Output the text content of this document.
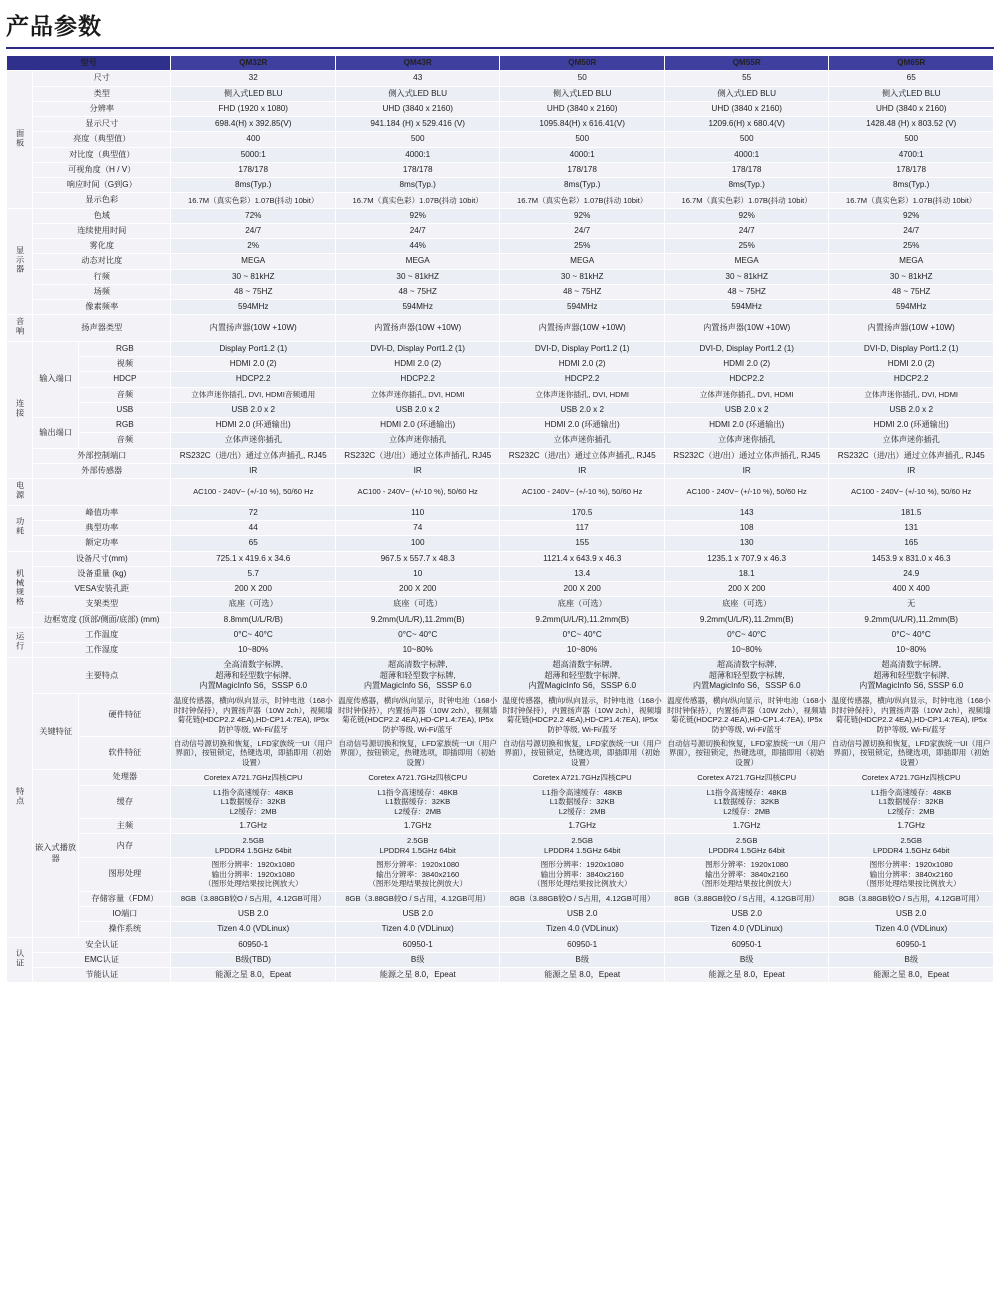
产品参数
型号			QM32R	QM43R	QM50R	QM55R	QM65R
面板	尺寸		32	43	50	55	65
	类型		侧入式LED BLU	侧入式LED BLU	侧入式LED BLU	侧入式LED BLU	侧入式LED BLU
	分辨率		FHD (1920 x 1080)	UHD (3840 x 2160)	UHD (3840 x 2160)	UHD (3840 x 2160)	UHD (3840 x 2160)
	显示尺寸		698.4(H) x 392.85(V)	941.184 (H) x 529.416 (V)	1095.84(H) x 616.41(V)	1209.6(H) x 680.4(V)	1428.48 (H) x 803.52 (V)
	亮度（典型值）		400	500	500	500	500
	对比度（典型值）		5000:1	4000:1	4000:1	4000:1	4700:1
	可视角度（H / V）		178/178	178/178	178/178	178/178	178/178
	响应时间（G到G）		8ms(Typ.)	8ms(Typ.)	8ms(Typ.)	8ms(Typ.)	8ms(Typ.)
	显示色彩		16.7M（真实色彩）1.07B(抖动 10bit）	16.7M（真实色彩）1.07B(抖动 10bit）	16.7M（真实色彩）1.07B(抖动 10bit）	16.7M（真实色彩）1.07B(抖动 10bit）	16.7M（真实色彩）1.07B(抖动 10bit）
显示器	色域		72%	92%	92%	92%	92%
	连续使用时间		24/7	24/7	24/7	24/7	24/7
	雾化度		2%	44%	25%	25%	25%
	动态对比度		MEGA	MEGA	MEGA	MEGA	MEGA
	行频		30 ~ 81kHZ	30 ~ 81kHZ	30 ~ 81kHZ	30 ~ 81kHZ	30 ~ 81kHZ
	场频		48 ~ 75HZ	48 ~ 75HZ	48 ~ 75HZ	48 ~ 75HZ	48 ~ 75HZ
	像素频率		594MHz	594MHz	594MHz	594MHz	594MHz
音响	扬声器类型		内置扬声器(10W +10W)	内置扬声器(10W +10W)	内置扬声器(10W +10W)	内置扬声器(10W +10W)	内置扬声器(10W +10W)
连接	输入端口	RGB	Display Port1.2 (1)	DVI-D, Display Port1.2 (1)	DVI-D, Display Port1.2 (1)	DVI-D, Display Port1.2 (1)	DVI-D, Display Port1.2 (1)
		视频	HDMI 2.0 (2)	HDMI 2.0 (2)	HDMI 2.0 (2)	HDMI 2.0 (2)	HDMI 2.0 (2)
		HDCP	HDCP2.2	HDCP2.2	HDCP2.2	HDCP2.2	HDCP2.2
		音频	立体声迷你插孔, DVI, HDMI音频通用	立体声迷你插孔, DVI, HDMI	立体声迷你插孔, DVI, HDMI	立体声迷你插孔, DVI, HDMI	立体声迷你插孔, DVI, HDMI
		USB	USB 2.0 x 2	USB 2.0 x 2	USB 2.0 x 2	USB 2.0 x 2	USB 2.0 x 2
	输出端口	RGB	HDMI 2.0 (环通输出)	HDMI 2.0 (环通输出)	HDMI 2.0 (环通输出)	HDMI 2.0 (环通输出)	HDMI 2.0 (环通输出)
		音频	立体声迷你插孔	立体声迷你插孔	立体声迷你插孔	立体声迷你插孔	立体声迷你插孔
	外部控制端口		RS232C（进/出）通过立体声插孔, RJ45	RS232C（进/出）通过立体声插孔, RJ45	RS232C（进/出）通过立体声插孔, RJ45	RS232C（进/出）通过立体声插孔, RJ45	RS232C（进/出）通过立体声插孔, RJ45
	外部传感器		IR	IR	IR	IR	IR
电源			AC100 - 240V~ (+/-10 %), 50/60 Hz	AC100 - 240V~ (+/-10 %), 50/60 Hz	AC100 - 240V~ (+/-10 %), 50/60 Hz	AC100 - 240V~ (+/-10 %), 50/60 Hz	AC100 - 240V~ (+/-10 %), 50/60 Hz
功耗	峰值功率		72	110	170.5	143	181.5
	典型功率		44	74	117	108	131
	额定功率		65	100	155	130	165
机械规格	设备尺寸(mm)		725.1 x 419.6 x 34.6	967.5 x 557.7 x 48.3	1121.4 x 643.9 x 46.3	1235.1 x 707.9 x 46.3	1453.9 x 831.0 x 46.3
	设备重量 (kg)		5.7	10	13.4	18.1	24.9
	VESA安装孔距		200 X 200	200 X 200	200 X 200	200 X 200	400 X 400
	支架类型		底座（可选）	底座（可选）	底座（可选）	底座（可选）	无
	边框宽度 (顶部/侧面/底部) (mm)		8.8mm(U/L/R/B)	9.2mm(U/L/R),11.2mm(B)	9.2mm(U/L/R),11.2mm(B)	9.2mm(U/L/R),11.2mm(B)	9.2mm(U/L/R),11.2mm(B)
运行	工作温度		0°C~ 40°C	0°C~ 40°C	0°C~ 40°C	0°C~ 40°C	0°C~ 40°C
	工作湿度		10~80%	10~80%	10~80%	10~80%	10~80%
特点	主要特点		全高清数字标牌,
超薄和轻型数字标牌,
内置MagicInfo S6，SSSP 6.0	超高清数字标牌,
超薄和轻型数字标牌,
内置MagicInfo S6，SSSP 6.0	超高清数字标牌,
超薄和轻型数字标牌,
内置MagicInfo S6，SSSP 6.0	超高清数字标牌,
超薄和轻型数字标牌,
内置MagicInfo S6，SSSP 6.0	超高清数字标牌,
超薄和轻型数字标牌,
内置MagicInfo S6, SSSP 6.0
	关键特征	硬件特征	温度传感器，横向/纵向显示，时钟电池（168小时时钟保持），内置扬声器（10W 2ch），视频墙菊花链(HDCP2.2 4EA),HD-CP1.4:7EA), IP5x 防护等级, Wi-Fi/蓝牙	温度传感器，横向/纵向显示，时钟电池（168小时时钟保持），内置扬声器（10W 2ch），视频墙菊花链(HDCP2.2 4EA),HD-CP1.4:7EA), IP5x 防护等级, Wi-Fi/蓝牙	温度传感器，横向/纵向显示，时钟电池（168小时时钟保持），内置扬声器（10W 2ch），视频墙菊花链(HDCP2.2 4EA),HD-CP1.4:7EA), IP5x 防护等级, Wi-Fi/蓝牙	温度传感器，横向/纵向显示，时钟电池（168小时时钟保持），内置扬声器（10W 2ch），视频墙菊花链(HDCP2.2 4EA),HD-CP1.4:7EA), IP5x 防护等级, Wi-Fi/蓝牙	温度传感器，横向/纵向显示，时钟电池（168小时时钟保持），内置扬声器（10W 2ch），视频墙菊花链(HDCP2.2 4EA),HD-CP1.4:7EA), IP5x 防护等级, Wi-Fi/蓝牙
		软件特征	自动信号源切换和恢复，LFD家族统一UI（用户界面），按钮锁定，热键选项，即插即用（初始设置）	自动信号源切换和恢复，LFD家族统一UI（用户界面），按钮锁定，热键选项，即插即用（初始设置）	自动信号源切换和恢复，LFD家族统一UI（用户界面），按钮锁定，热键选项，即插即用（初始设置）	自动信号源切换和恢复，LFD家族统一UI（用户界面），按钮锁定，热键选项，即插即用（初始设置）	自动信号源切换和恢复，LFD家族统一UI（用户界面），按钮锁定，热键选项，即插即用（初始设置）
	嵌入式播放器	处理器	Coretex A721.7GHz四核CPU	Coretex A721.7GHz四核CPU	Coretex A721.7GHz四核CPU	Coretex A721.7GHz四核CPU	Coretex A721.7GHz四核CPU
		缓存	L1指令高速缓存：48KB
L1数据缓存：32KB
L2缓存：2MB	L1指令高速缓存：48KB
L1数据缓存：32KB
L2缓存：2MB	L1指令高速缓存：48KB
L1数据缓存：32KB
L2缓存：2MB	L1指令高速缓存：48KB
L1数据缓存：32KB
L2缓存：2MB	L1指令高速缓存：48KB
L1数据缓存：32KB
L2缓存：2MB
		主频	1.7GHz	1.7GHz	1.7GHz	1.7GHz	1.7GHz
		内存	2.5GB
LPDDR4 1.5GHz 64bit	2.5GB
LPDDR4 1.5GHz 64bit	2.5GB
LPDDR4 1.5GHz 64bit	2.5GB
LPDDR4 1.5GHz 64bit	2.5GB
LPDDR4 1.5GHz 64bit
		图形处理	图形分辨率：1920x1080
输出分辨率：1920x1080
（图形处理结果按比例放大）	图形分辨率：1920x1080
输出分辨率：3840x2160
（图形处理结果按比例放大）	图形分辨率：1920x1080
输出分辨率：3840x2160
（图形处理结果按比例放大）	图形分辨率：1920x1080
输出分辨率：3840x2160
（图形处理结果按比例放大）	图形分辨率：1920x1080
输出分辨率：3840x2160
（图形处理结果按比例放大）
		存储容量（FDM）	8GB（3.88GB较O / S占用，4.12GB可用）	8GB（3.88GB较O / S占用，4.12GB可用）	8GB（3.88GB较O / S占用，4.12GB可用）	8GB（3.88GB较O / S占用，4.12GB可用）	8GB（3.88GB较O / S占用，4.12GB可用）
		IO端口	USB 2.0	USB 2.0	USB 2.0	USB 2.0	USB 2.0
		操作系统	Tizen 4.0 (VDLinux)	Tizen 4.0 (VDLinux)	Tizen 4.0 (VDLinux)	Tizen 4.0 (VDLinux)	Tizen 4.0 (VDLinux)
认证	安全认证		60950-1	60950-1	60950-1	60950-1	60950-1
	EMC认证		B级(TBD)	B级	B级	B级	B级
	节能认证		能源之星 8.0，Epeat	能源之星 8.0，Epeat	能源之星 8.0，Epeat	能源之星 8.0，Epeat	能源之星 8.0，Epeat
